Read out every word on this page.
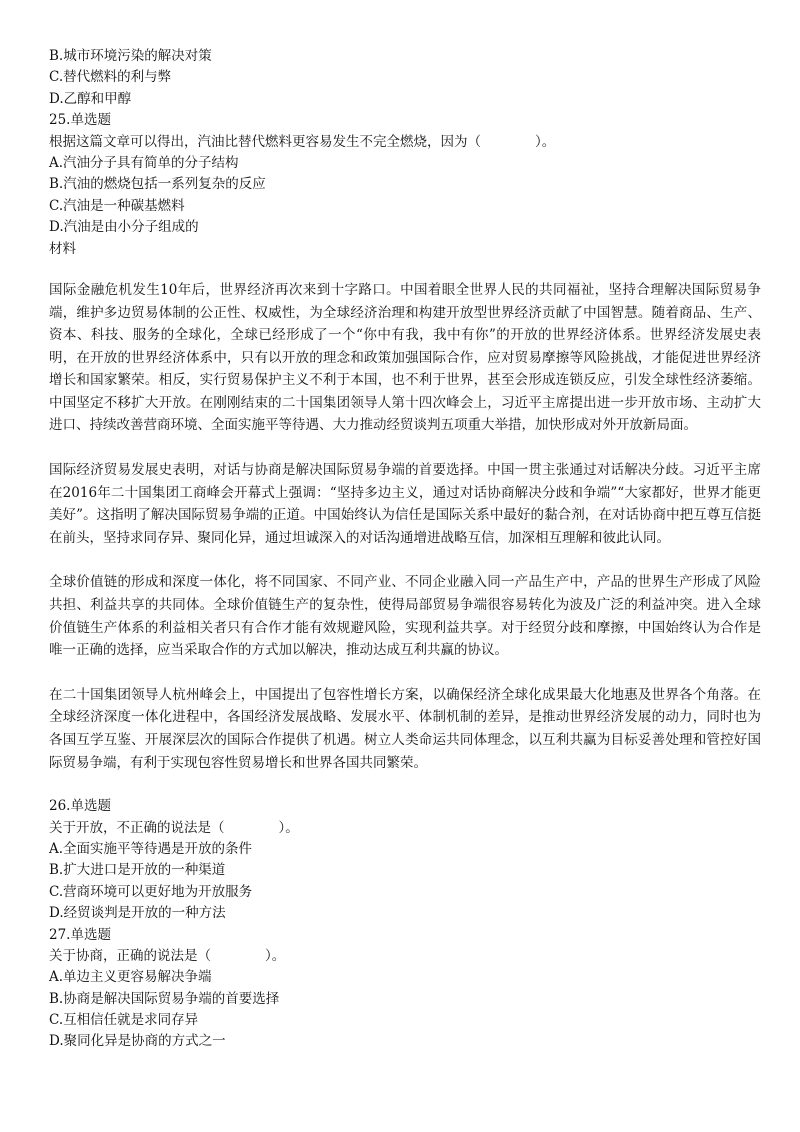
B.城市环境污染的解决对策
C.替代燃料的利与弊
D.乙醇和甲醇
25.单选题
根据这篇文章可以得出，汽油比替代燃料更容易发生不完全燃烧，因为（　　　　）。
A.汽油分子具有简单的分子结构
B.汽油的燃烧包括一系列复杂的反应
C.汽油是一种碳基燃料
D.汽油是由小分子组成的
材料

国际金融危机发生10年后，世界经济再次来到十字路口。中国着眼全世界人民的共同福祉，坚持合理解决国际贸易争端，维护多边贸易体制的公正性、权威性，为全球经济治理和构建开放型世界经济贡献了中国智慧。随着商品、生产、资本、科技、服务的全球化，全球已经形成了一个“你中有我，我中有你”的开放的世界经济体系。世界经济发展史表明，在开放的世界经济体系中，只有以开放的理念和政策加强国际合作，应对贸易摩擦等风险挑战，才能促进世界经济增长和国家繁荣。相反，实行贸易保护主义不利于本国，也不利于世界，甚至会形成连锁反应，引发全球性经济萎缩。中国坚定不移扩大开放。在刚刚结束的二十国集团领导人第十四次峰会上，习近平主席提出进一步开放市场、主动扩大进口、持续改善营商环境、全面实施平等待遇、大力推动经贸谈判五项重大举措，加快形成对外开放新局面。

国际经济贸易发展史表明，对话与协商是解决国际贸易争端的首要选择。中国一贯主张通过对话解决分歧。习近平主席在2016年二十国集团工商峰会开幕式上强调：“坚持多边主义，通过对话协商解决分歧和争端”“大家都好，世界才能更美好”。这指明了解决国际贸易争端的正道。中国始终认为信任是国际关系中最好的黏合剂，在对话协商中把互尊互信挺在前头，坚持求同存异、聚同化异，通过坦诚深入的对话沟通增进战略互信，加深相互理解和彼此认同。

全球价值链的形成和深度一体化，将不同国家、不同产业、不同企业融入同一产品生产中，产品的世界生产形成了风险共担、利益共享的共同体。全球价值链生产的复杂性，使得局部贸易争端很容易转化为波及广泛的利益冲突。进入全球价值链生产体系的利益相关者只有合作才能有效规避风险，实现利益共享。对于经贸分歧和摩擦，中国始终认为合作是唯一正确的选择，应当采取合作的方式加以解决，推动达成互利共赢的协议。

在二十国集团领导人杭州峰会上，中国提出了包容性增长方案，以确保经济全球化成果最大化地惠及世界各个角落。在全球经济深度一体化进程中，各国经济发展战略、发展水平、体制机制的差异，是推动世界经济发展的动力，同时也为各国互学互鉴、开展深层次的国际合作提供了机遇。树立人类命运共同体理念，以互利共赢为目标妥善处理和管控好国际贸易争端，有利于实现包容性贸易增长和世界各国共同繁荣。

26.单选题
关于开放，不正确的说法是（　　　　）。
A.全面实施平等待遇是开放的条件
B.扩大进口是开放的一种渠道
C.营商环境可以更好地为开放服务
D.经贸谈判是开放的一种方法
27.单选题
关于协商，正确的说法是（　　　　）。
A.单边主义更容易解决争端
B.协商是解决国际贸易争端的首要选择
C.互相信任就是求同存异
D.聚同化异是协商的方式之一
